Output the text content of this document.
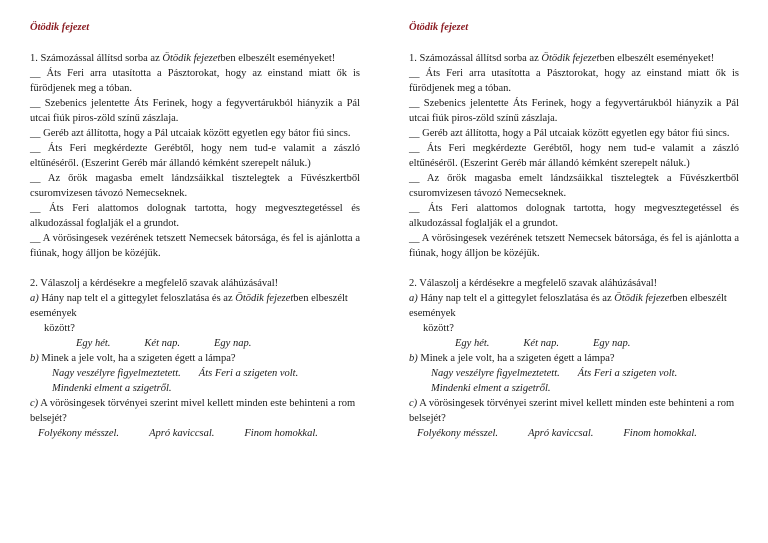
Ötödik fejezet

1. Számozással állítsd sorba az Ötödik fejezetben elbeszélt eseményeket!

__ Áts Feri arra utasította a Pásztorokat, hogy az einstand miatt ők is fürödjenek meg a tóban.
__ Szebenics jelentette Áts Ferinek, hogy a fegyvertárukból hiányzik a Pál utcai fiúk piros-zöld színű zászlaja.
__ Geréb azt állította, hogy a Pál utcaiak között egyetlen egy bátor fiú sincs.
__ Áts Feri megkérdezte Gerébtől, hogy nem tud-e valamit a zászló eltűnéséről. (Eszerint Geréb már állandó kémként szerepelt náluk.)
__ Az őrök magasba emelt lándzsáikkal tisztelegtek a Füvészkertből csuromvizesen távozó Nemecseknek.
__ Áts Feri alattomos dolognak tartotta, hogy megvesztegetéssel és alkudozással foglalják el a grundot.
__ A vörösingesek vezérének tetszett Nemecsek bátorsága, és fel is ajánlotta a fiúnak, hogy álljon be közéjük.

2. Válaszolj a kérdésekre a megfelelő szavak aláhúzásával!

a) Hány nap telt el a gittegylet feloszlatása és az Ötödik fejezetben elbeszélt események

között?
Egy hét.	Két nap.	Egy nap.

b) Minek a jele volt, ha a szigeten égett a lámpa?

Nagy veszélyre figyelmeztetett. Áts Feri a szigeten volt.
Mindenki elment a szigetről.

c) A vörösingesek törvényei szerint mivel kellett minden este behinteni a rom belsejét?

Folyékony mésszel.	Apró kaviccsal.	Finom homokkal.
Ötödik fejezet

1. Számozással állítsd sorba az Ötödik fejezetben elbeszélt eseményeket!

__ Áts Feri arra utasította a Pásztorokat, hogy az einstand miatt ők is fürödjenek meg a tóban.
__ Szebenics jelentette Áts Ferinek, hogy a fegyvertárukból hiányzik a Pál utcai fiúk piros-zöld színű zászlaja.
__ Geréb azt állította, hogy a Pál utcaiak között egyetlen egy bátor fiú sincs.
__ Áts Feri megkérdezte Gerébtől, hogy nem tud-e valamit a zászló eltűnéséről. (Eszerint Geréb már állandó kémként szerepelt náluk.)
__ Az őrök magasba emelt lándzsáikkal tisztelegtek a Füvészkertből csuromvizesen távozó Nemecseknek.
__ Áts Feri alattomos dolognak tartotta, hogy megvesztegetéssel és alkudozással foglalják el a grundot.
__ A vörösingesek vezérének tetszett Nemecsek bátorsága, és fel is ajánlotta a fiúnak, hogy álljon be közéjük.

2. Válaszolj a kérdésekre a megfelelő szavak aláhúzásával!

a) Hány nap telt el a gittegylet feloszlatása és az Ötödik fejezetben elbeszélt események

között?
Egy hét.	Két nap.	Egy nap.

b) Minek a jele volt, ha a szigeten égett a lámpa?

Nagy veszélyre figyelmeztetett. Áts Feri a szigeten volt.
Mindenki elment a szigetről.

c) A vörösingesek törvényei szerint mivel kellett minden este behinteni a rom belsejét?

Folyékony mésszel.	Apró kaviccsal.	Finom homokkal.
